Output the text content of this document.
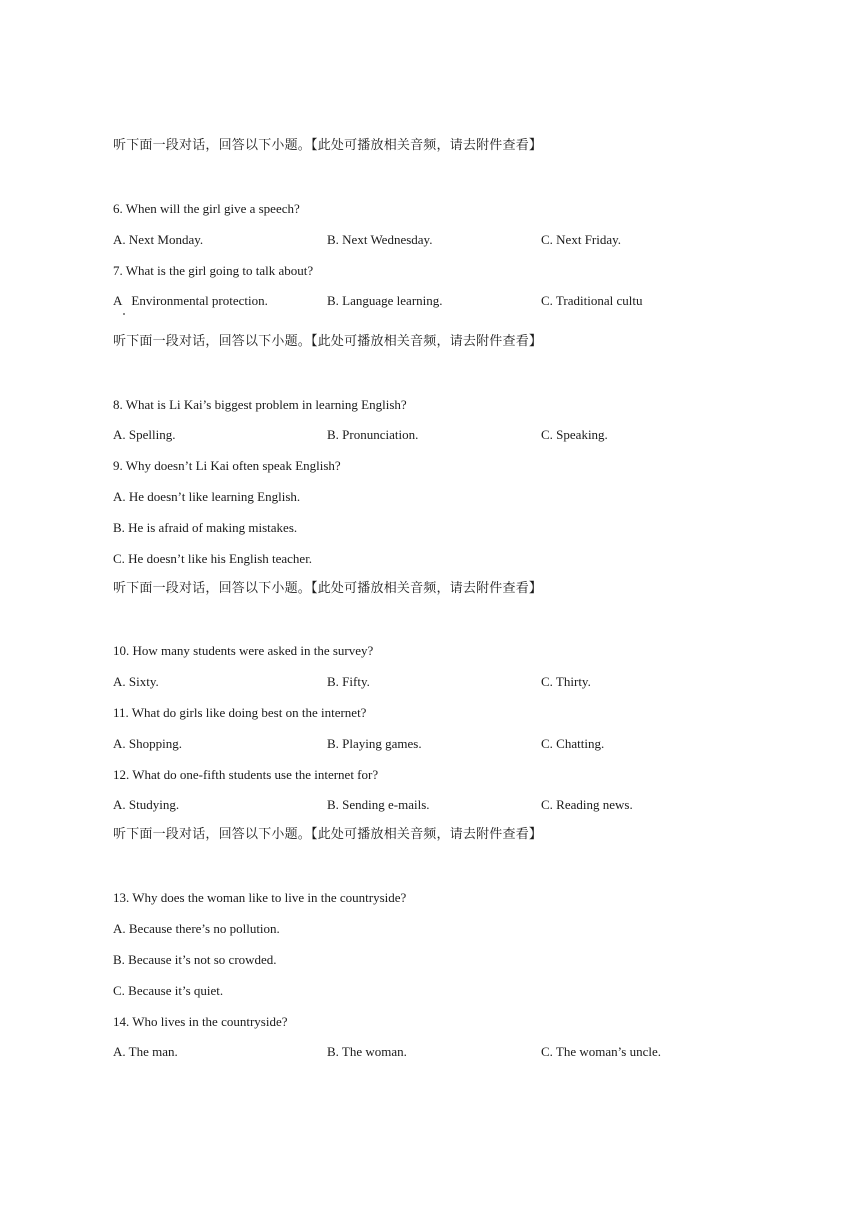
听下面一段对话，回答以下小题。【此处可播放相关音频，请去附件查看】
6. When will the girl give a speech?
A. Next Monday.	B. Next Wednesday.	C. Next Friday.
7. What is the girl going to talk about?
A   Environmental protection.	B. Language learning.	C. Traditional cultu
听下面一段对话，回答以下小题。【此处可播放相关音频，请去附件查看】
8. What is Li Kai’s biggest problem in learning English?
A. Spelling.	B. Pronunciation.	C. Speaking.
9. Why doesn’t Li Kai often speak English?
A. He doesn’t like learning English.
B. He is afraid of making mistakes.
C. He doesn’t like his English teacher.
听下面一段对话，回答以下小题。【此处可播放相关音频，请去附件查看】
10. How many students were asked in the survey?
A. Sixty.	B. Fifty.	C. Thirty.
11. What do girls like doing best on the internet?
A. Shopping.	B. Playing games.	C. Chatting.
12. What do one-fifth students use the internet for?
A. Studying.	B. Sending e-mails.	C. Reading news.
听下面一段对话，回答以下小题。【此处可播放相关音频，请去附件查看】
13. Why does the woman like to live in the countryside?
A. Because there’s no pollution.
B. Because it’s not so crowded.
C. Because it’s quiet.
14. Who lives in the countryside?
A. The man.	B. The woman.	C. The woman’s uncle.
